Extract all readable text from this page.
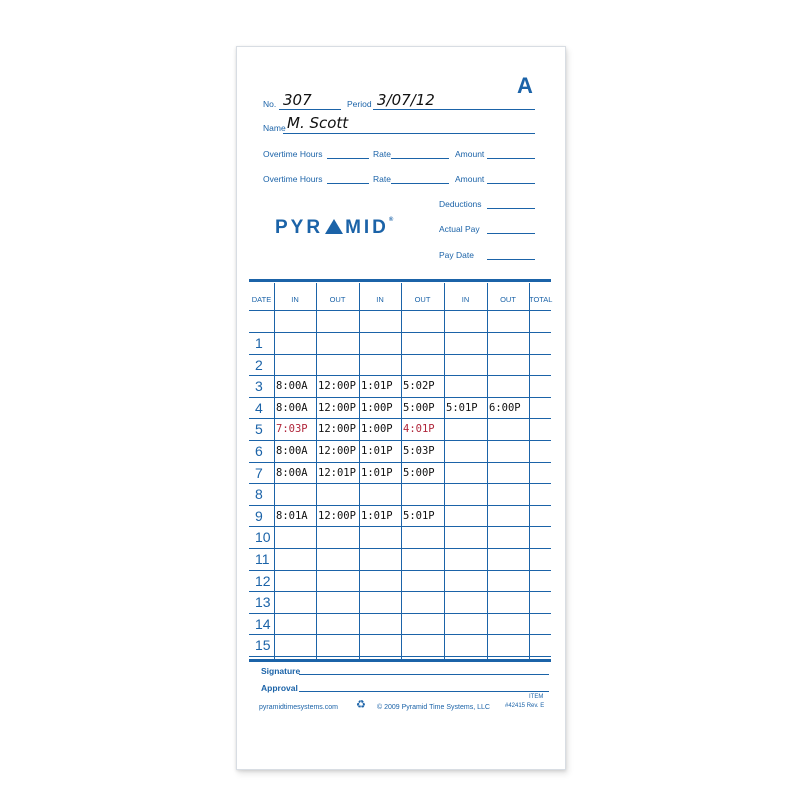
A
No. 307	Period 3/07/12
Name M. Scott
Overtime Hours	Rate	Amount
Overtime Hours	Rate	Amount
Deductions
Actual Pay
Pay Date
PYR MID®
DATE	IN	OUT	IN	OUT	IN	OUT	TOTAL
1
2
3 8:00A 12:00P 1:01P 5:02P
4 8:00A 12:00P 1:00P 5:00P 5:01P 6:00P
5 7:03P 12:00P 1:00P 4:01P
6 8:00A 12:00P 1:01P 5:03P
7 8:00A 12:01P 1:01P 5:00P
8
9 8:01A 12:00P 1:01P 5:01P
10
11
12
13
14
15
Signature
Approval
pyramidtimesystems.com ♻ © 2009 Pyramid Time Systems, LLC
ITEM
#42415 Rev. E
